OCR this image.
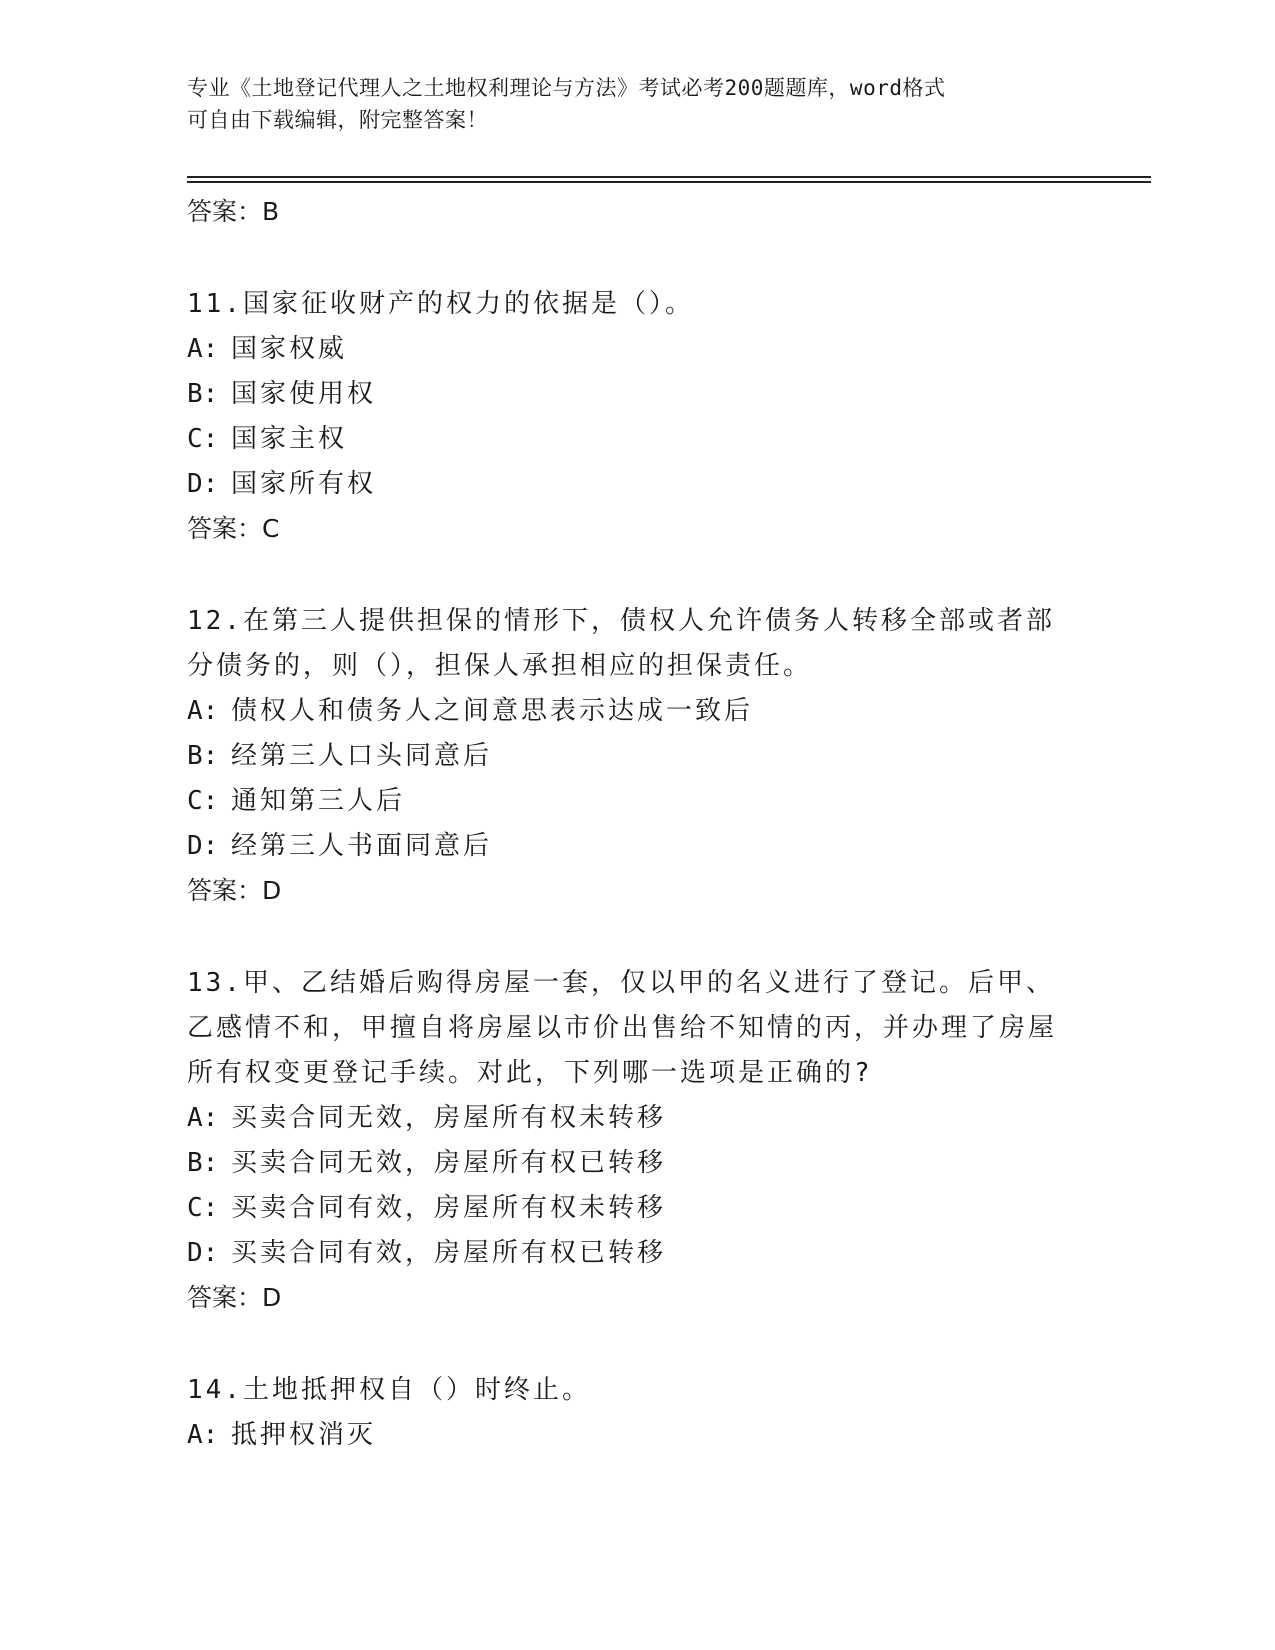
专业《土地登记代理人之土地权利理论与方法》考试必考200题题库，word格式
可自由下载编辑，附完整答案！
答案：B
11.国家征收财产的权力的依据是（）。
A: 国家权威
B: 国家使用权
C: 国家主权
D: 国家所有权
答案：C
12.在第三人提供担保的情形下，债权人允许债务人转移全部或者部分债务的，则（），担保人承担相应的担保责任。
A: 债权人和债务人之间意思表示达成一致后
B: 经第三人口头同意后
C: 通知第三人后
D: 经第三人书面同意后
答案：D
13.甲、乙结婚后购得房屋一套，仅以甲的名义进行了登记。后甲、乙感情不和，甲擅自将房屋以市价出售给不知情的丙，并办理了房屋所有权变更登记手续。对此，下列哪一选项是正确的?
A: 买卖合同无效，房屋所有权未转移
B: 买卖合同无效，房屋所有权已转移
C: 买卖合同有效，房屋所有权未转移
D: 买卖合同有效，房屋所有权已转移
答案：D
14.土地抵押权自（）时终止。
A: 抵押权消灭
